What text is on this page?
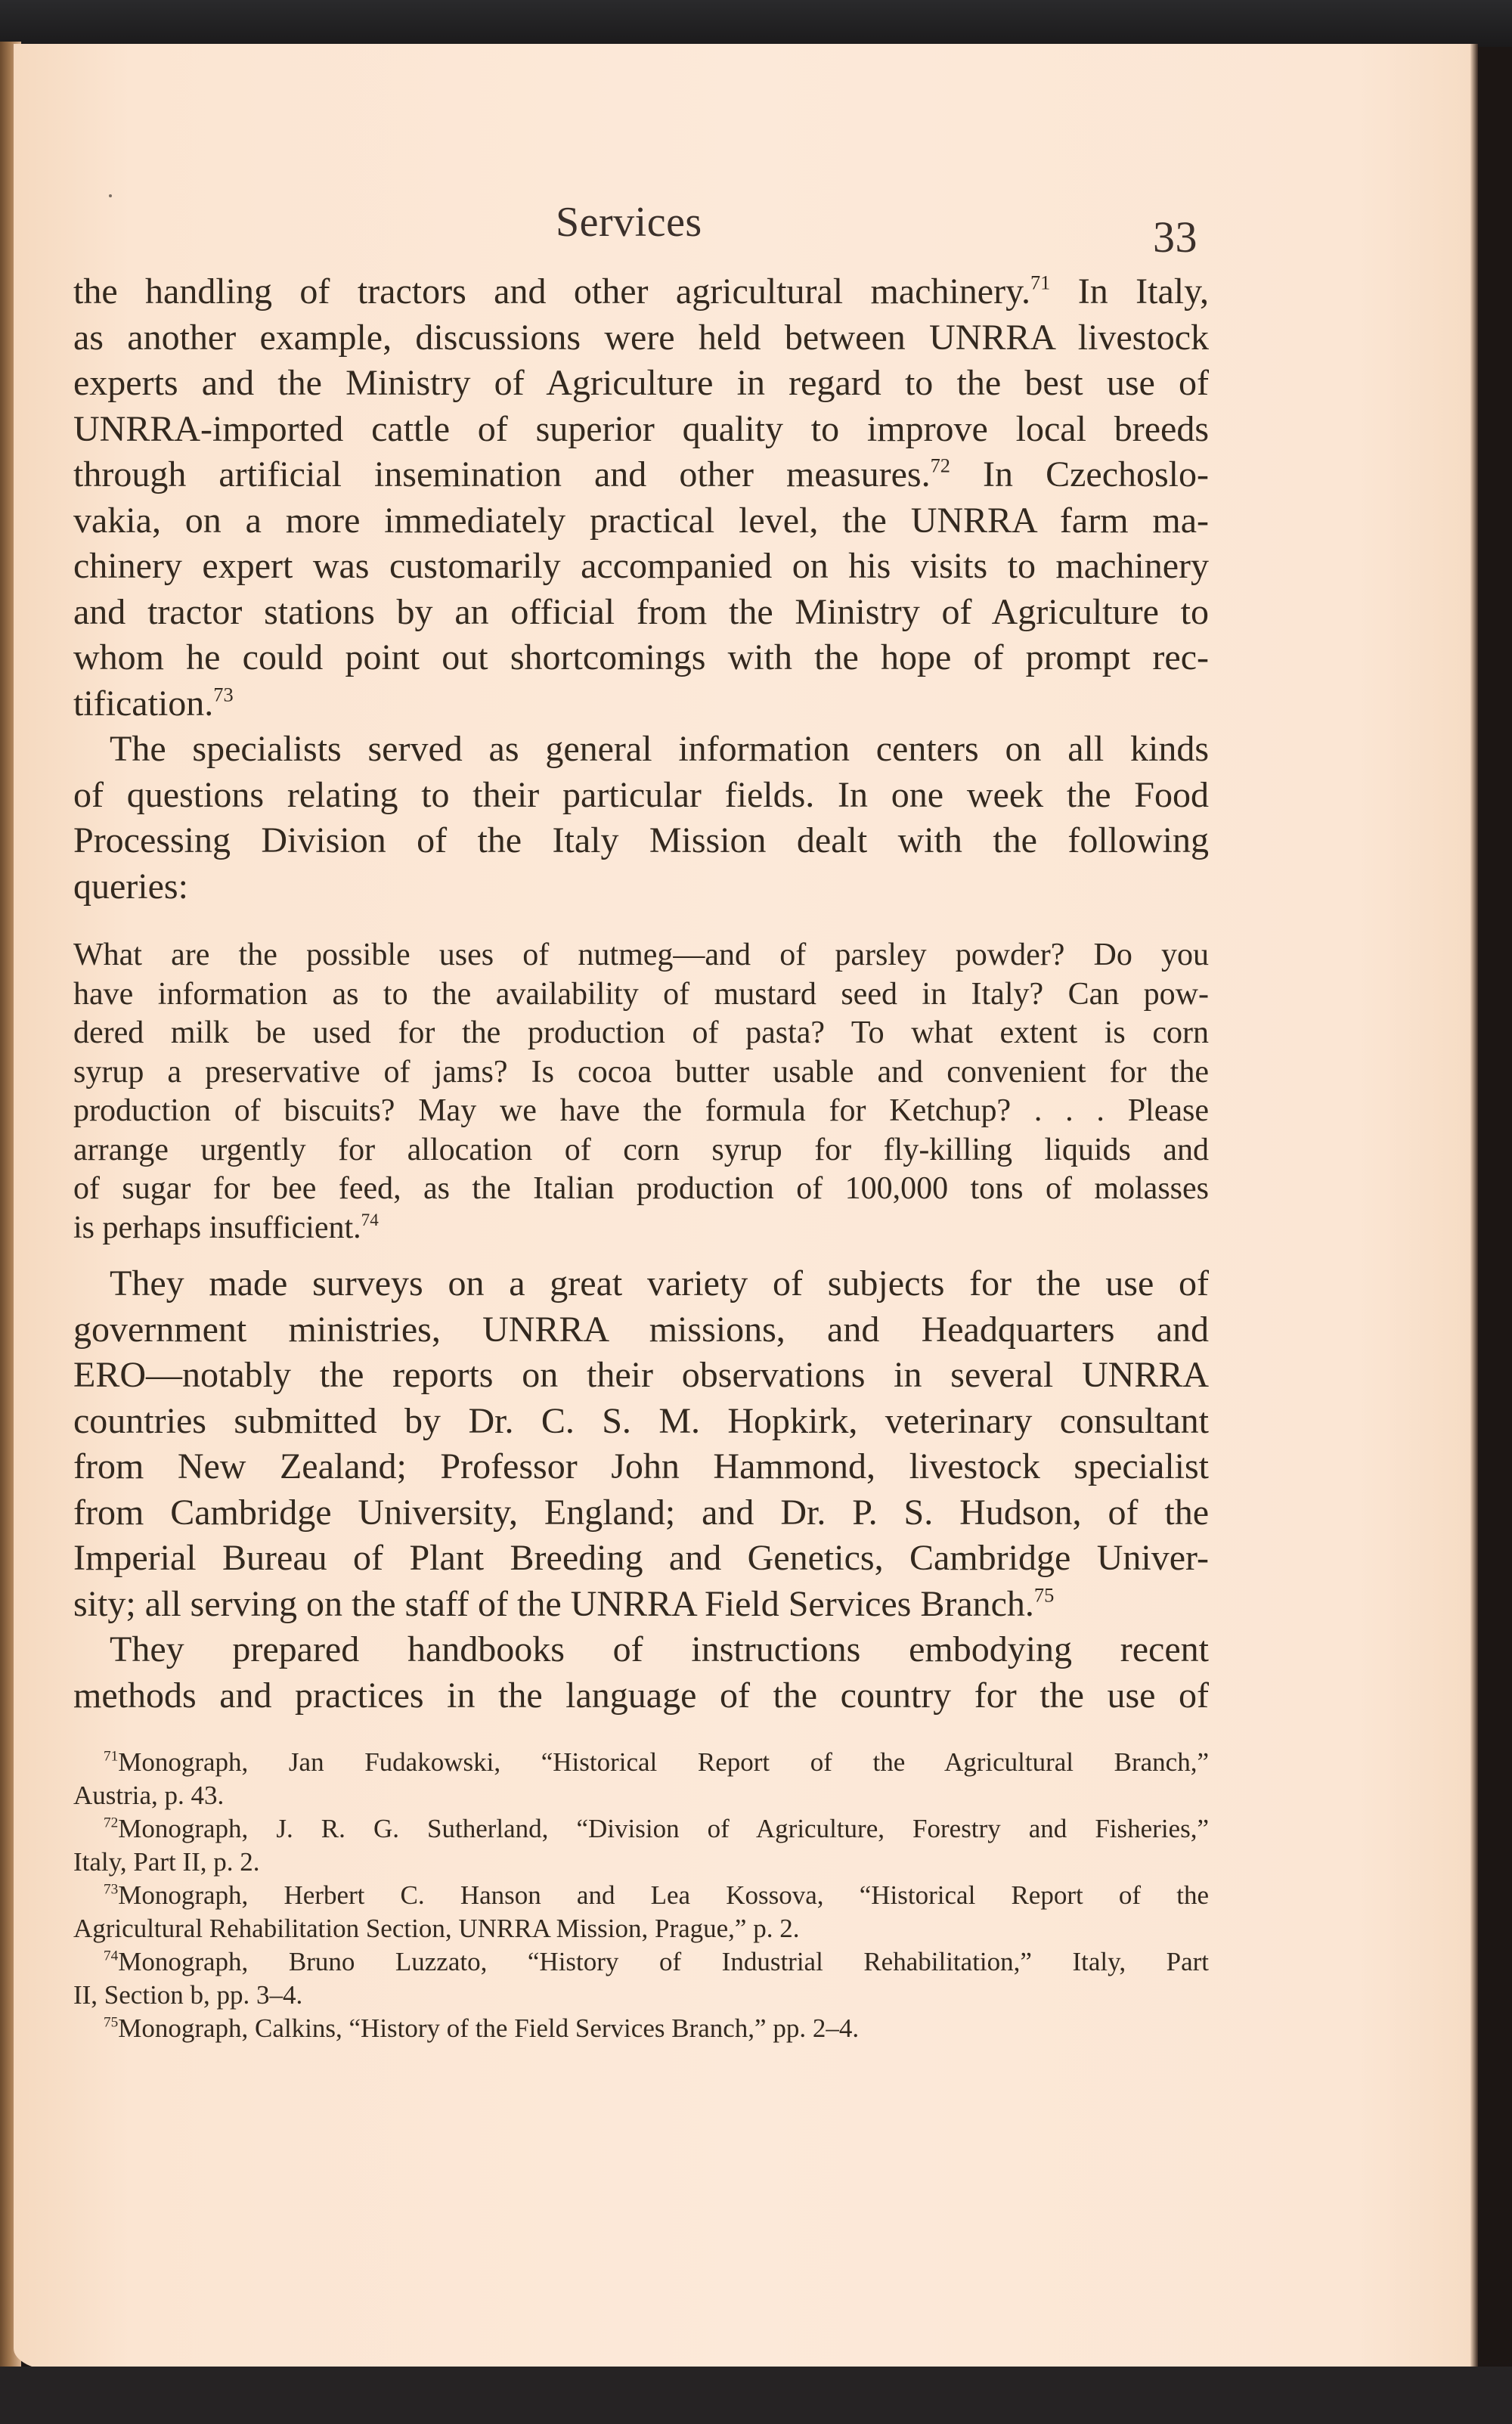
Services	33
the handling of tractors and other agricultural machinery.$^{71}$ In Italy,
as another example, discussions were held between UNRRA livestock
experts and the Ministry of Agriculture in regard to the best use of
UNRRA-imported cattle of superior quality to improve local breeds
through artificial insemination and other measures.$^{72}$ In Czechoslo-
vakia, on a more immediately practical level, the UNRRA farm ma-
chinery expert was customarily accompanied on his visits to machinery
and tractor stations by an official from the Ministry of Agriculture to
whom he could point out shortcomings with the hope of prompt rec-
tification.$^{73}$
The specialists served as general information centers on all kinds
of questions relating to their particular fields. In one week the Food
Processing Division of the Italy Mission dealt with the following
queries:
They made surveys on a great variety of subjects for the use of
government ministries, UNRRA missions, and Headquarters and
ERO—notably the reports on their observations in several UNRRA
countries submitted by Dr. C. S. M. Hopkirk, veterinary consultant
from New Zealand; Professor John Hammond, livestock specialist
from Cambridge University, England; and Dr. P. S. Hudson, of the
Imperial Bureau of Plant Breeding and Genetics, Cambridge Univer-
sity; all serving on the staff of the UNRRA Field Services Branch.$^{75}$
They prepared handbooks of instructions embodying recent
methods and practices in the language of the country for the use of
What are the possible uses of nutmeg—and of parsley powder? Do you
have information as to the availability of mustard seed in Italy? Can pow-
dered milk be used for the production of pasta? To what extent is corn
syrup a preservative of jams? Is cocoa butter usable and convenient for the
production of biscuits? May we have the formula for Ketchup? . . . Please
arrange urgently for allocation of corn syrup for fly-killing liquids and
of sugar for bee feed, as the Italian production of 100,000 tons of molasses
is perhaps insufficient.$^{74}$
$^{71}$Monograph, Jan Fudakowski, “Historical Report of the Agricultural Branch,”
Austria, p. 43.
$^{72}$Monograph, J. R. G. Sutherland, “Division of Agriculture, Forestry and Fisheries,”
Italy, Part II, p. 2.
$^{73}$Monograph, Herbert C. Hanson and Lea Kossova, “Historical Report of the
Agricultural Rehabilitation Section, UNRRA Mission, Prague,” p. 2.
$^{74}$Monograph, Bruno Luzzato, “History of Industrial Rehabilitation,” Italy, Part
II, Section b, pp. 3–4.
$^{75}$Monograph, Calkins, “History of the Field Services Branch,” pp. 2–4.
